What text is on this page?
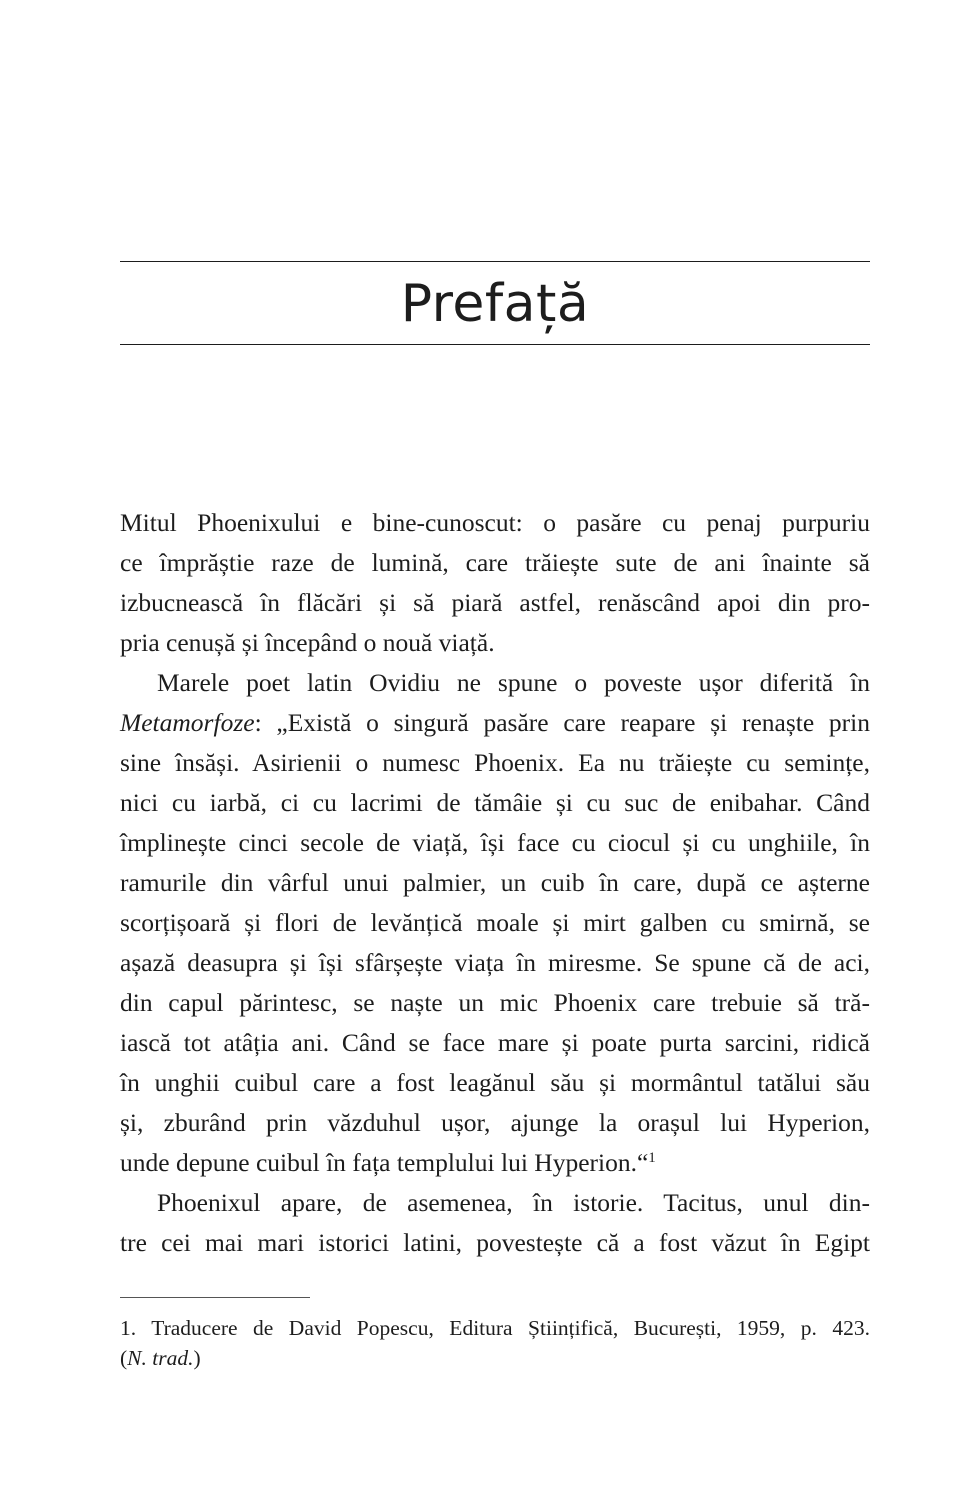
Prefață
Mitul Phoenixului e bine-cunoscut: o pasăre cu penaj purpuriu
ce împrăștie raze de lumină, care trăiește sute de ani înainte să
izbucnească în flăcări și să piară astfel, renăscând apoi din pro-
pria cenușă și începând o nouă viață.
Marele poet latin Ovidiu ne spune o poveste ușor diferită în
Metamorfoze: „Există o singură pasăre care reapare și renaște prin
sine însăși. Asirienii o numesc Phoenix. Ea nu trăiește cu semințe,
nici cu iarbă, ci cu lacrimi de tămâie și cu suc de enibahar. Când
împlinește cinci secole de viață, își face cu ciocul și cu unghiile, în
ramurile din vârful unui palmier, un cuib în care, după ce așterne
scorțișoară și flori de levănțică moale și mirt galben cu smirnă, se
așază deasupra și își sfârșește viața în miresme. Se spune că de aci,
din capul părintesc, se naște un mic Phoenix care trebuie să tră-
iască tot atâția ani. Când se face mare și poate purta sarcini, ridică
în unghii cuibul care a fost leagănul său și mormântul tatălui său
și, zburând prin văzduhul ușor, ajunge la orașul lui Hyperion,
unde depune cuibul în fața templului lui Hyperion.“$^1$
Phoenixul apare, de asemenea, în istorie. Tacitus, unul din-
tre cei mai mari istorici latini, povestește că a fost văzut în Egipt
1. Traducere de David Popescu, Editura Științifică, București, 1959, p. 423.
(N. trad.)
